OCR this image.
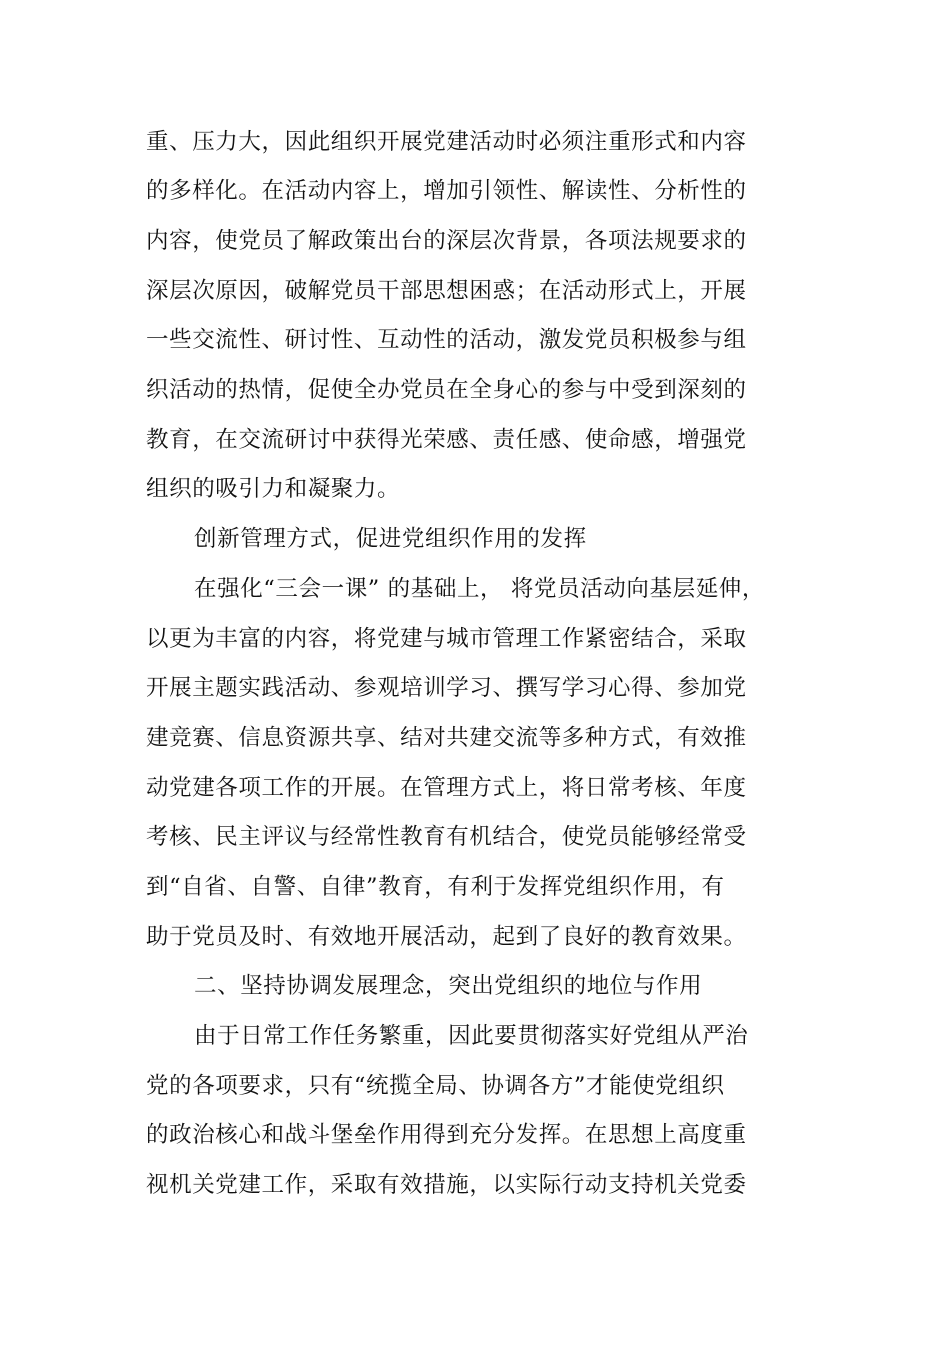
重、压力大，因此组织开展党建活动时必须注重形式和内容
的多样化。在活动内容上，增加引领性、解读性、分析性的
内容，使党员了解政策出台的深层次背景，各项法规要求的
深层次原因，破解党员干部思想困惑；在活动形式上，开展
一些交流性、研讨性、互动性的活动，激发党员积极参与组
织活动的热情，促使全办党员在全身心的参与中受到深刻的
教育，在交流研讨中获得光荣感、责任感、使命感，增强党
组织的吸引力和凝聚力。
创新管理方式，促进党组织作用的发挥
在强化“三会一课” 的基础上， 将党员活动向基层延伸，
以更为丰富的内容，将党建与城市管理工作紧密结合，采取
开展主题实践活动、参观培训学习、撰写学习心得、参加党
建竞赛、信息资源共享、结对共建交流等多种方式，有效推
动党建各项工作的开展。在管理方式上，将日常考核、年度
考核、民主评议与经常性教育有机结合，使党员能够经常受
到“自省、自警、自律”教育，有利于发挥党组织作用，有
助于党员及时、有效地开展活动，起到了良好的教育效果。
二、坚持协调发展理念，突出党组织的地位与作用
由于日常工作任务繁重，因此要贯彻落实好党组从严治
党的各项要求，只有“统揽全局、协调各方”才能使党组织
的政治核心和战斗堡垒作用得到充分发挥。在思想上高度重
视机关党建工作，采取有效措施，以实际行动支持机关党委
